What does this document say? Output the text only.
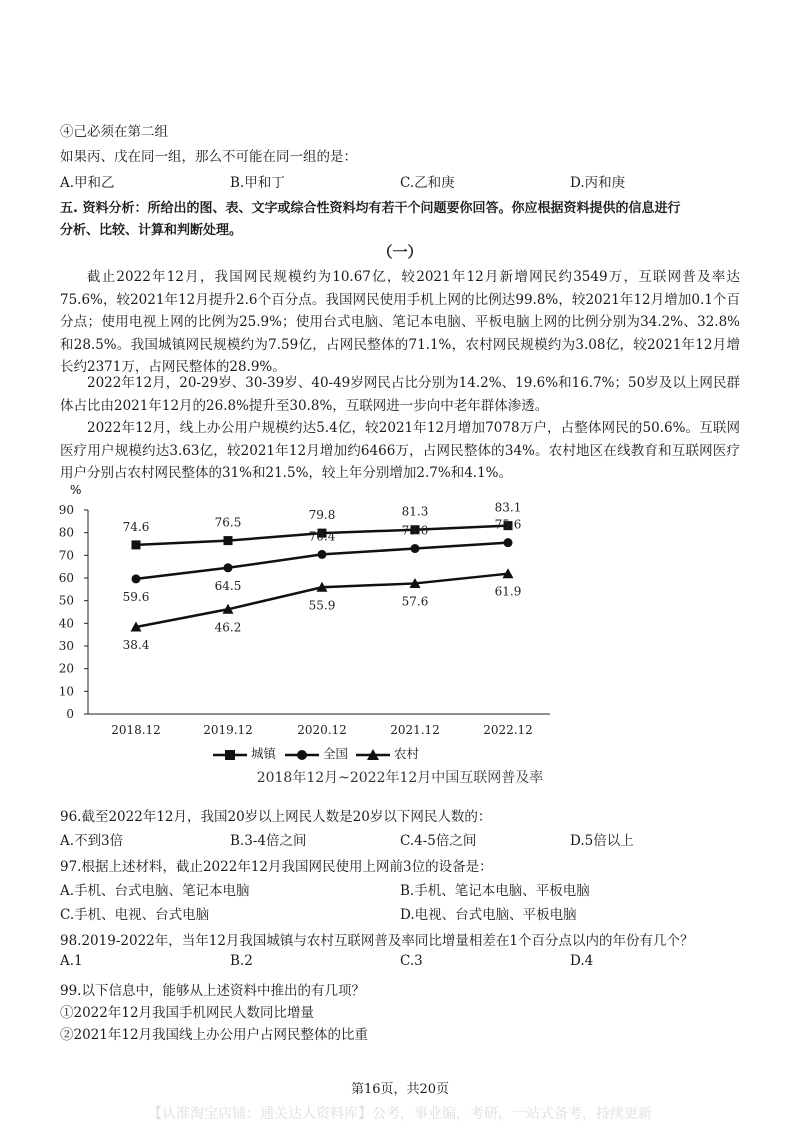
④己必须在第二组
如果丙、戊在同一组，那么不可能在同一组的是：
A.甲和乙	B.甲和丁	C.乙和庚	D.丙和庚
五. 资料分析：所给出的图、表、文字或综合性资料均有若干个问题要你回答。你应根据资料提供的信息进行
分析、比较、计算和判断处理。
（一）
截止2022年12月，我国网民规模约为10.67亿，较2021年12月新增网民约3549万，互联网普及率达75.6%，较2021年12月提升2.6个百分点。我国网民使用手机上网的比例达99.8%，较2021年12月增加0.1个百分点；使用电视上网的比例为25.9%；使用台式电脑、笔记本电脑、平板电脑上网的比例分别为34.2%、32.8%和28.5%。我国城镇网民规模约为7.59亿，占网民整体的71.1%，农村网民规模约为3.08亿，较2021年12月增长约2371万，占网民整体的28.9%。
2022年12月，20-29岁、30-39岁、40-49岁网民占比分别为14.2%、19.6%和16.7%；50岁及以上网民群体占比由2021年12月的26.8%提升至30.8%，互联网进一步向中老年群体渗透。
2022年12月，线上办公用户规模约达5.4亿，较2021年12月增加7078万户，占整体网民的50.6%。互联网医疗用户规模约达3.63亿，较2021年12月增加约6466万，占网民整体的34%。农村地区在线教育和互联网医疗用户分别占农村网民整体的31%和21.5%，较上年分别增加2.7%和4.1%。
%
0
10
20
30
40
50
60
70
80
90
2018.12	2019.12	2020.12	2021.12	2022.12
74.6	76.5
79.8	81.3	83.1
59.6
64.5
70.4	73.0	75.6
38.4
46.2
55.9	57.6
61.9
城镇	全国	农村
2018年12月~2022年12月中国互联网普及率
96.截至2022年12月，我国20岁以上网民人数是20岁以下网民人数的：
A.不到3倍	B.3-4倍之间	C.4-5倍之间	D.5倍以上
97.根据上述材料，截止2022年12月我国网民使用上网前3位的设备是：
A.手机、台式电脑、笔记本电脑	B.手机、笔记本电脑、平板电脑
C.手机、电视、台式电脑	D.电视、台式电脑、平板电脑
98.2019-2022年，当年12月我国城镇与农村互联网普及率同比增量相差在1个百分点以内的年份有几个？
A.1	B.2	C.3	D.4
99.以下信息中，能够从上述资料中推出的有几项？
①2022年12月我国手机网民人数同比增量
②2021年12月我国线上办公用户占网民整体的比重
第16页，共20页
【认准淘宝店铺：通关达人资料库】公考，事业编，考研，一站式备考，持续更新
